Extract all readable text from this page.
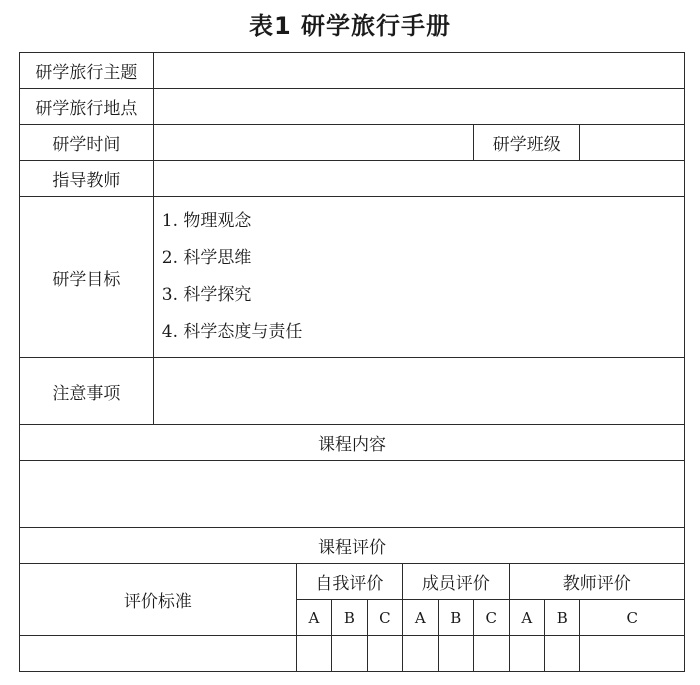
表1 研学旅行手册
研学旅行主题										
研学旅行地点										
研学时间							研学班级			
指导教师										
研学目标	1. 物理观念
2. 科学思维
3. 科学探究
4. 科学态度与责任									

注意事项										
课程内容										

课程评价										
评价标准		自我评价			成员评价			教师评价		
		A	B	C	A	B	C	A	B	C
